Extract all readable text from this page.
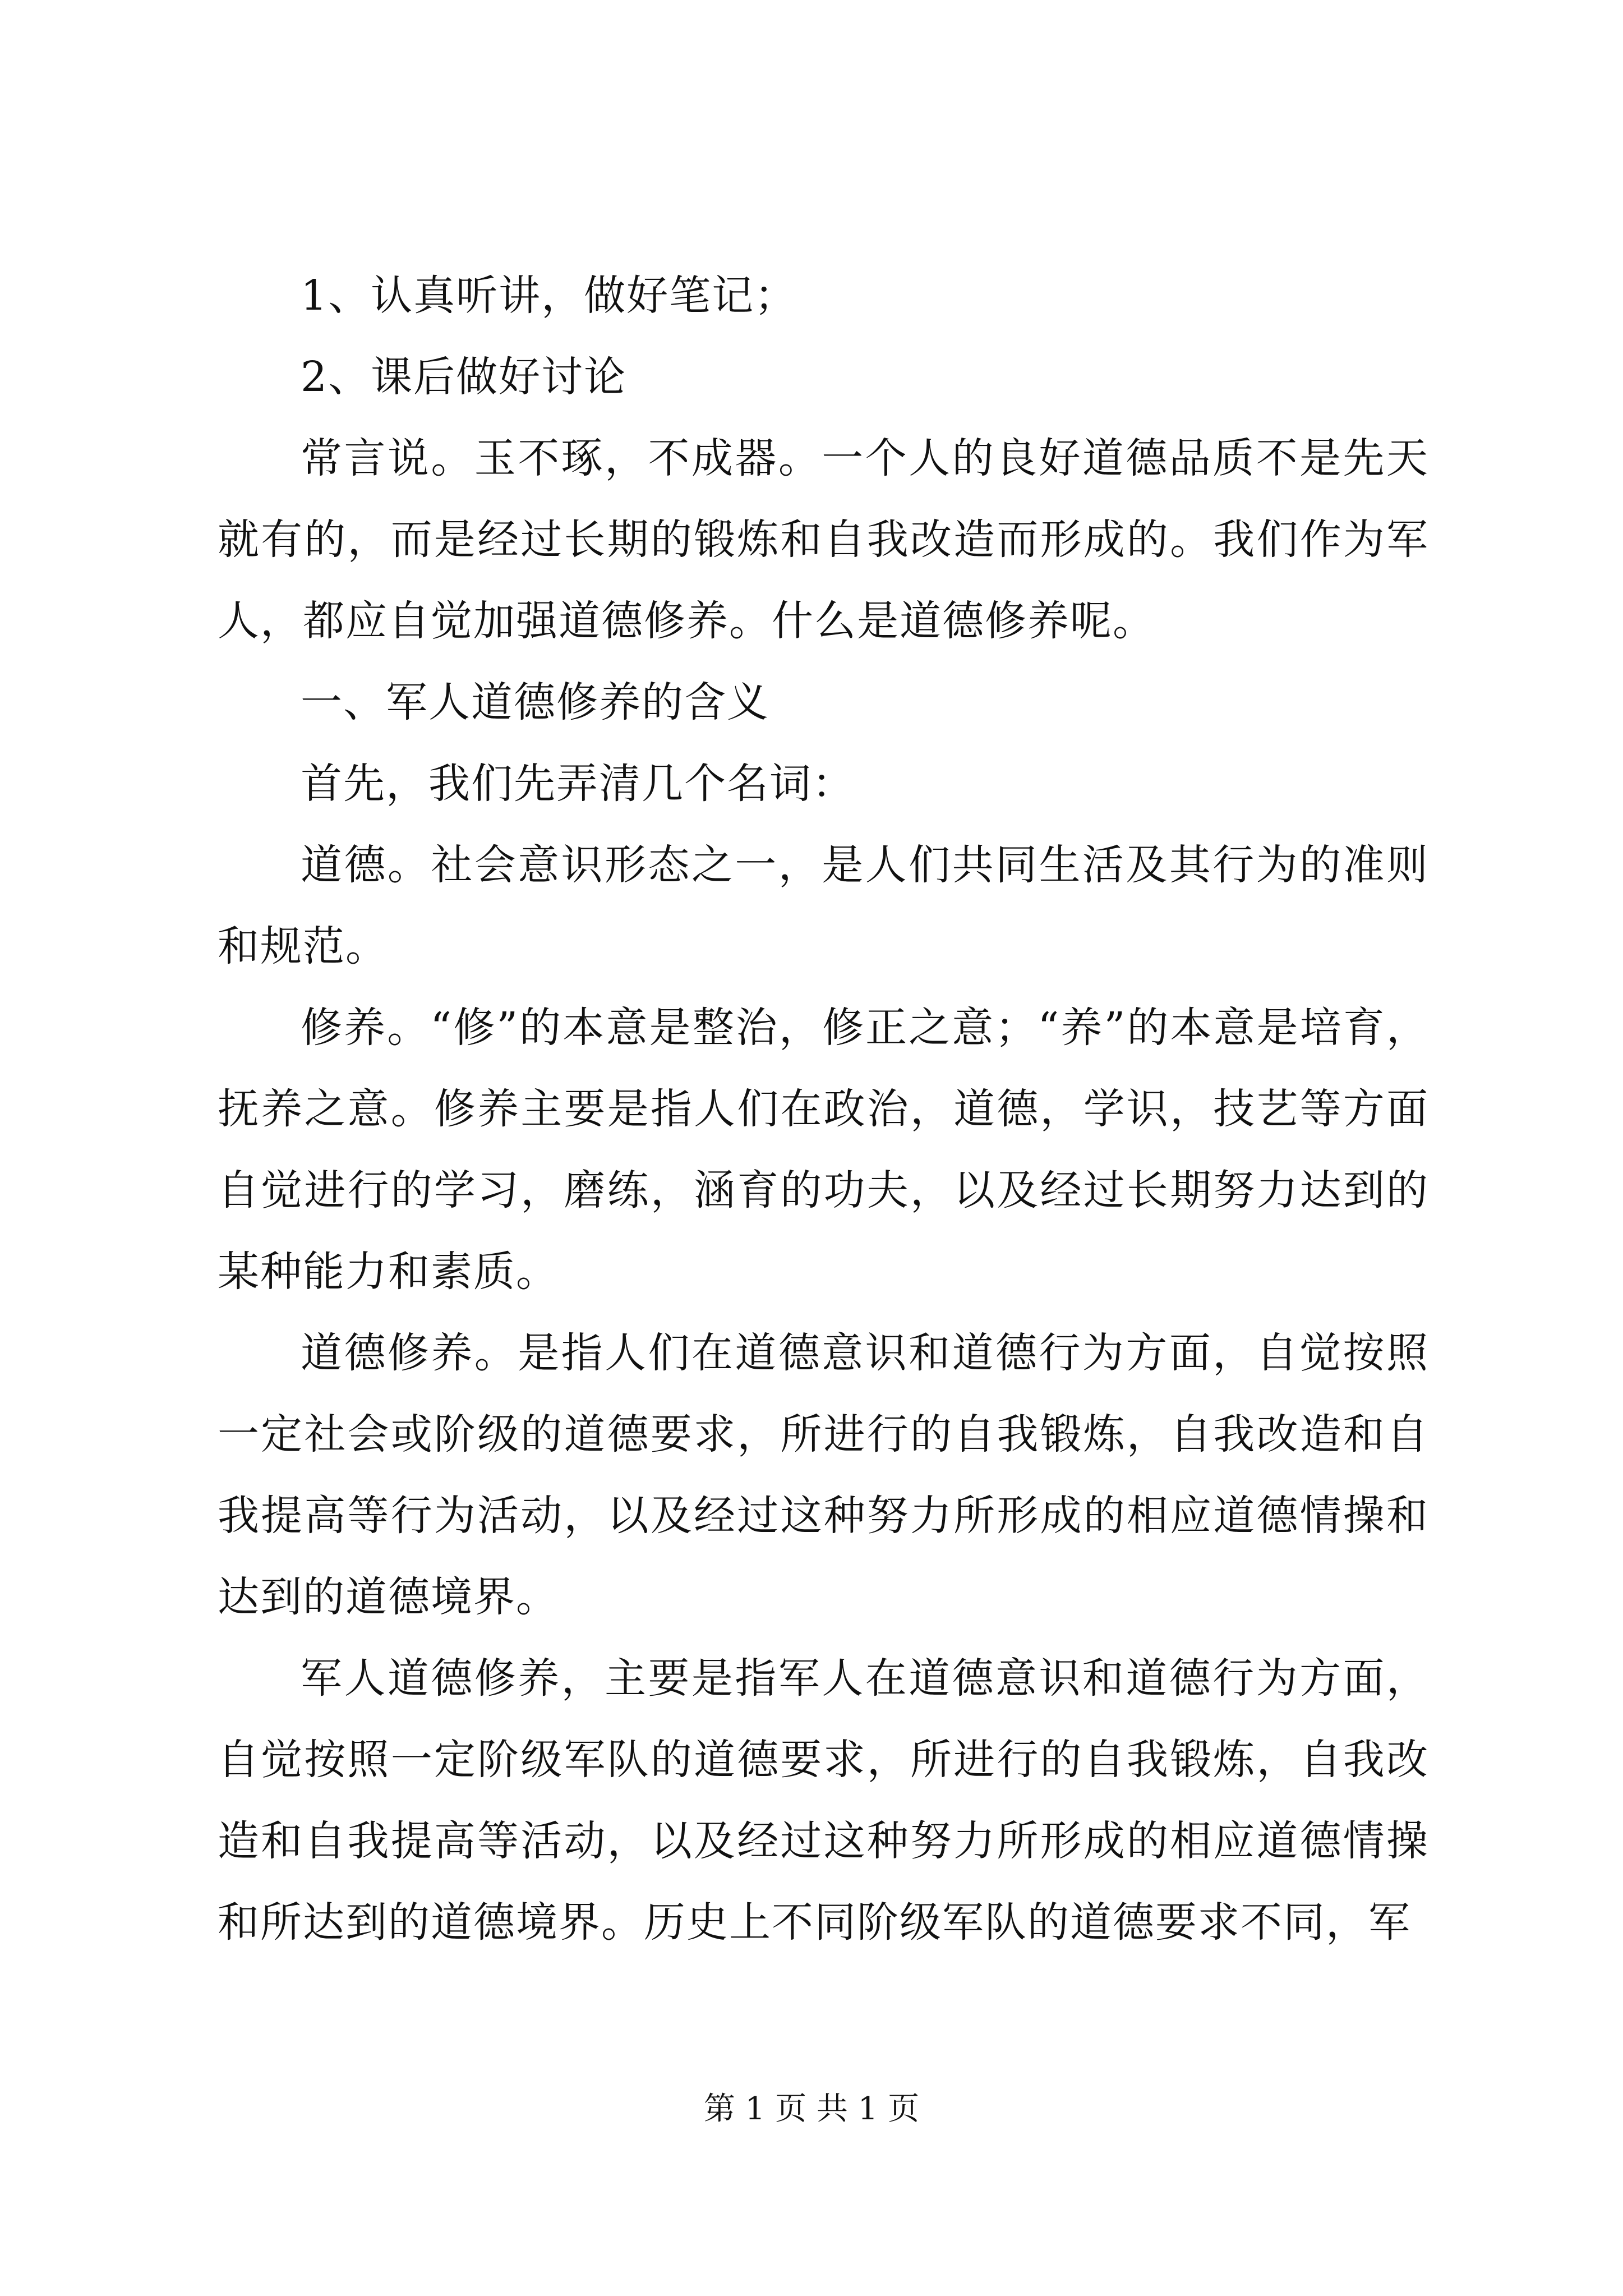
1、认真听讲，做好笔记；

2、课后做好讨论

常言说。玉不琢，不成器。一个人的良好道德品质不是先天就有的，而是经过长期的锻炼和自我改造而形成的。我们作为军人，都应自觉加强道德修养。什么是道德修养呢。

一、军人道德修养的含义

首先，我们先弄清几个名词：

道德。社会意识形态之一，是人们共同生活及其行为的准则和规范。

修养。“修”的本意是整治，修正之意；“养”的本意是培育，抚养之意。修养主要是指人们在政治，道德，学识，技艺等方面自觉进行的学习，磨练，涵育的功夫，以及经过长期努力达到的某种能力和素质。

道德修养。是指人们在道德意识和道德行为方面，自觉按照一定社会或阶级的道德要求，所进行的自我锻炼，自我改造和自我提高等行为活动，以及经过这种努力所形成的相应道德情操和达到的道德境界。

军人道德修养，主要是指军人在道德意识和道德行为方面，自觉按照一定阶级军队的道德要求，所进行的自我锻炼，自我改造和自我提高等活动，以及经过这种努力所形成的相应道德情操和所达到的道德境界。历史上不同阶级军队的道德要求不同，军

第 1 页 共 1 页
